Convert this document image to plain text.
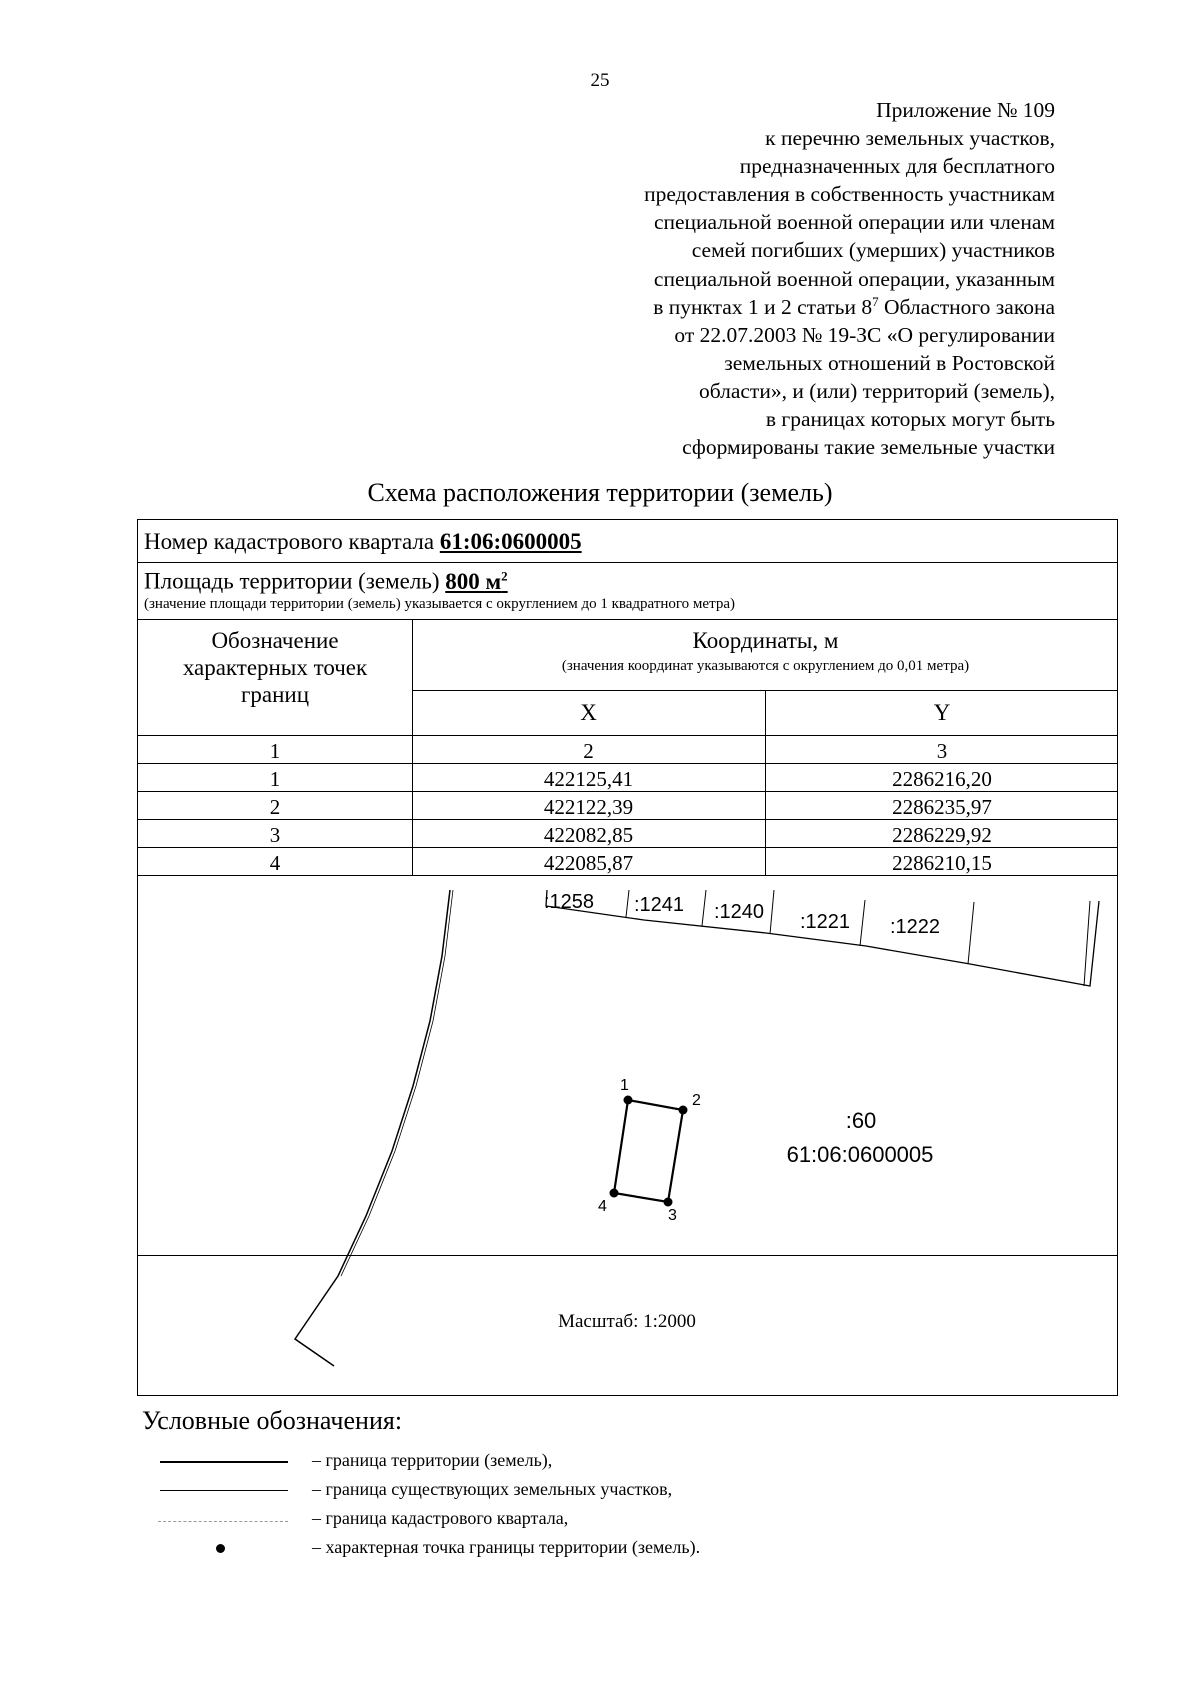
25
Приложение № 109
к перечню земельных участков,
предназначенных для бесплатного
предоставления в собственность участникам
специальной военной операции или членам
семей погибших (умерших) участников
специальной военной операции, указанным
в пунктах 1 и 2 статьи $8^7$ Областного закона
от 22.07.2003 № 19-ЗС «О регулировании
земельных отношений в Ростовской
области», и (или) территорий (земель),
в границах которых могут быть
сформированы такие земельные участки
Схема расположения территории (земель)
Номер кадастрового квартала 61:06:0600005
Площадь территории (земель) 800 $м^2$
(значение площади территории (земель) указывается с округлением до 1 квадратного метра)
Обозначение
характерных точек
границ
Координаты, м
(значения координат указываются с округлением до 0,01 метра)
X	Y
1	2	3
1	422125,41	2286216,20
2	422122,39	2286235,97
3	422082,85	2286229,92
4	422085,87	2286210,15
:1258 :1241 :1240 :1221 :1222
1
2
3
4
:60
61:06:0600005
Масштаб: 1:2000
Условные обозначения:
– граница территории (земель),
– граница существующих земельных участков,
– граница кадастрового квартала,
– характерная точка границы территории (земель).
